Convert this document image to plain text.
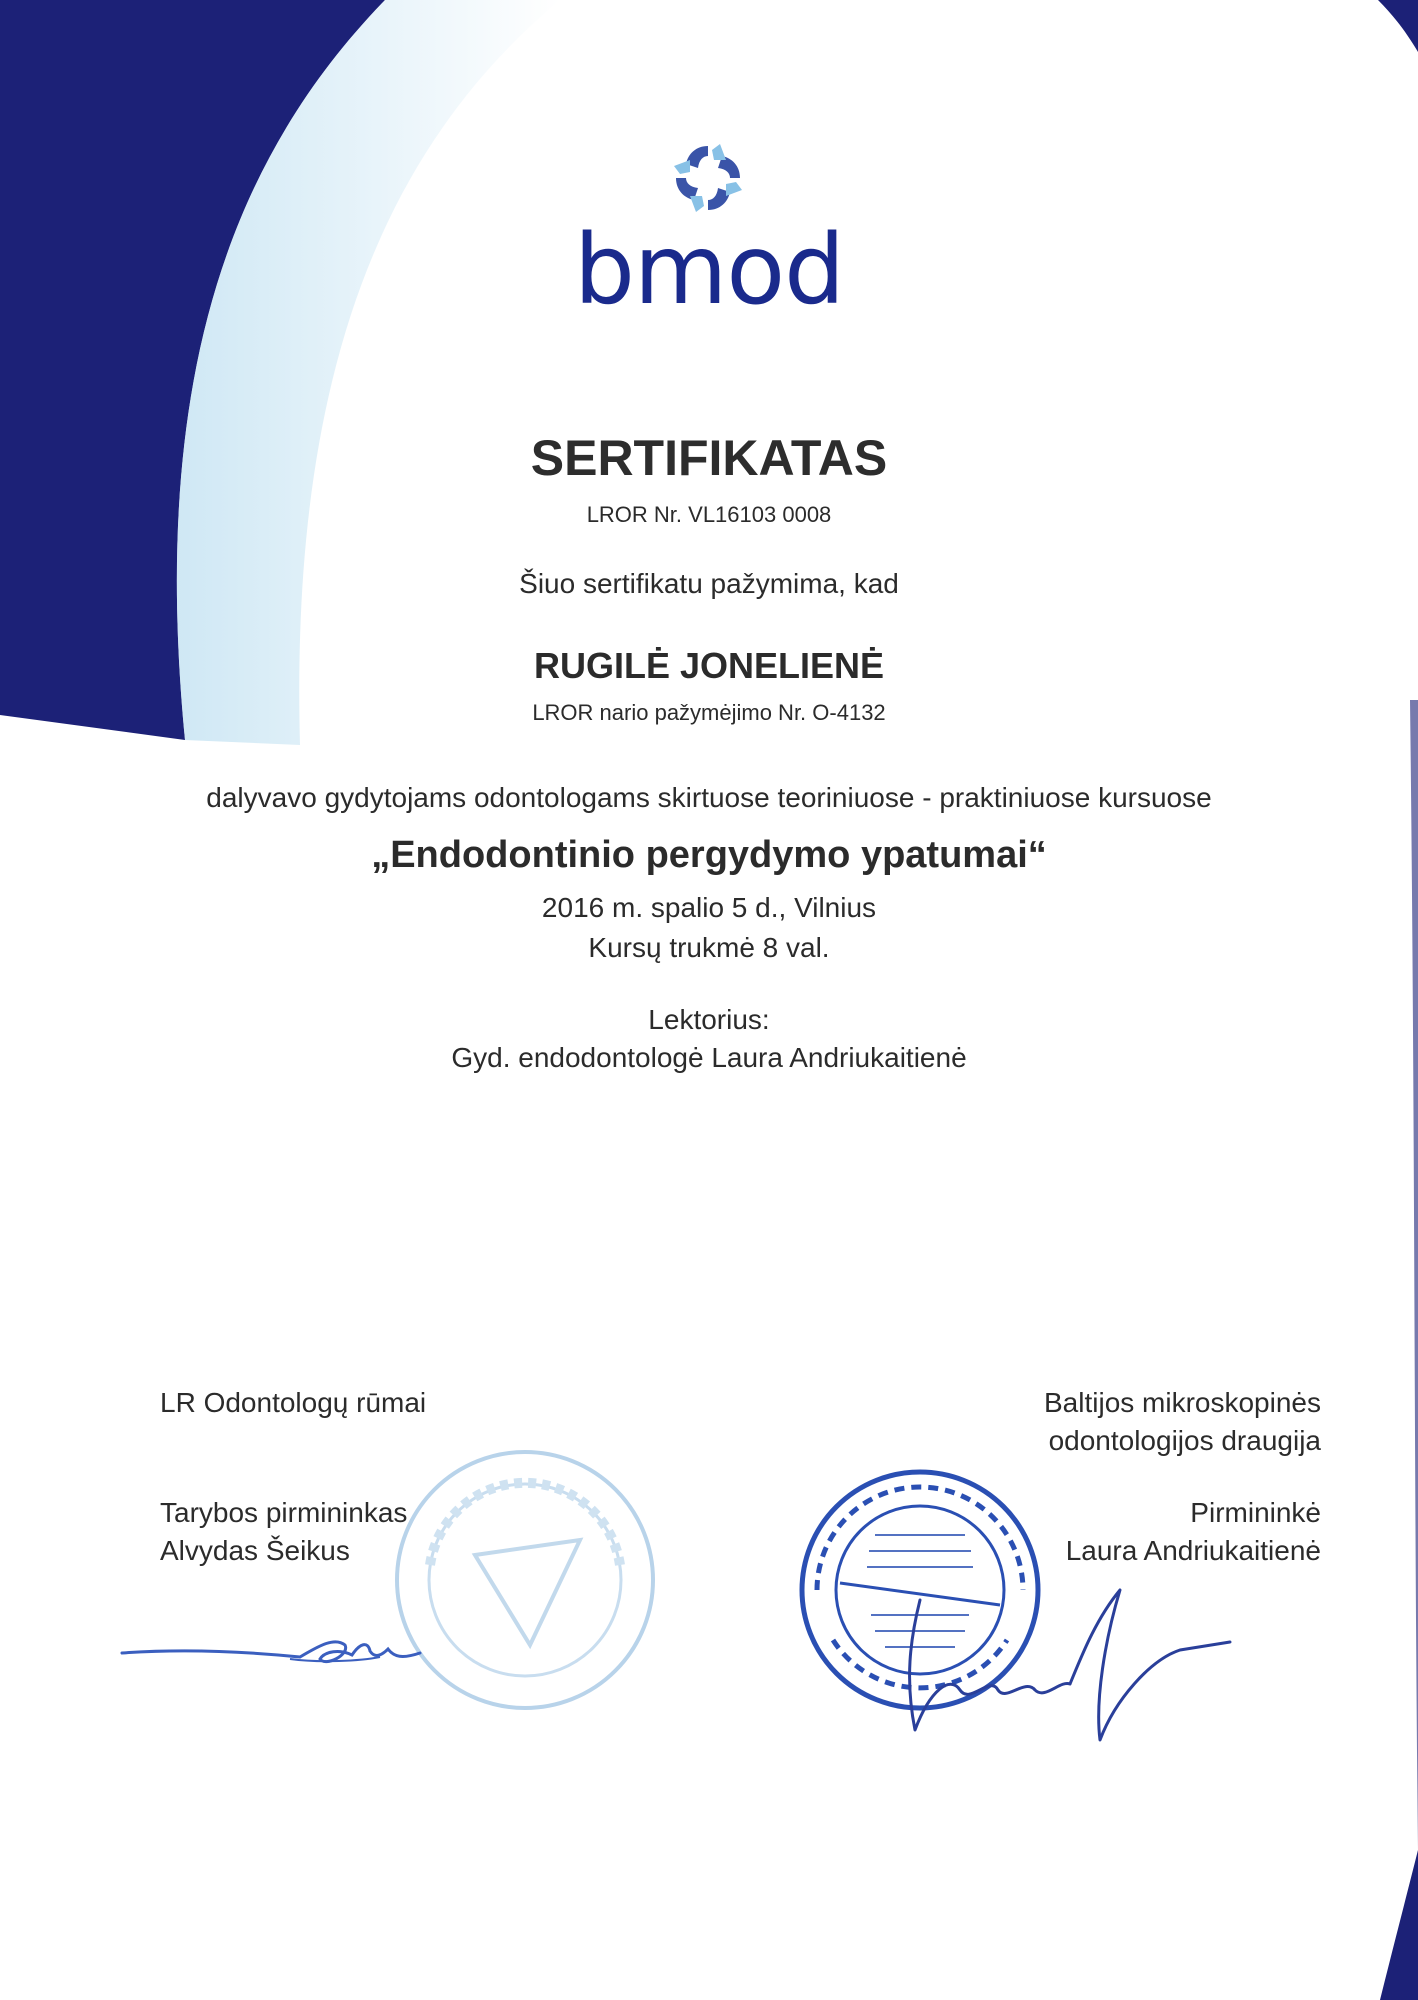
bmod
SERTIFIKATAS
LROR Nr. VL16103 0008
Šiuo sertifikatu pažymima, kad
RUGILĖ JONELIENĖ
LROR nario pažymėjimo Nr. O-4132
dalyvavo gydytojams odontologams skirtuose teoriniuose - praktiniuose kursuose
„Endodontinio pergydymo ypatumai“
2016 m. spalio 5 d., Vilnius
Kursų trukmė 8 val.
Lektorius:
Gyd. endodontologė Laura Andriukaitienė
LR Odontologų rūmai
Tarybos pirmininkas
Alvydas Šeikus
Baltijos mikroskopinės
odontologijos draugija
Pirmininkė
Laura Andriukaitienė
